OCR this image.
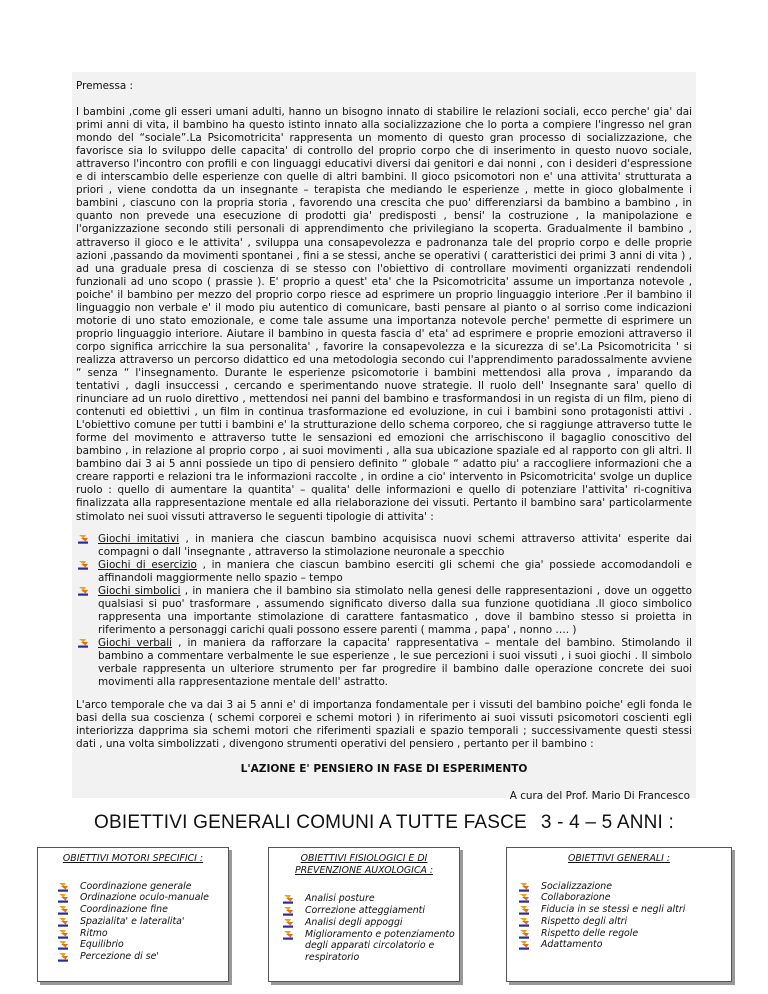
Premessa :

I bambini ,come gli esseri umani adulti, hanno un bisogno innato di stabilire le relazioni sociali, ecco perche' gia' dai primi anni di vita, il bambino ha questo istinto innato alla socializzazione che lo porta a compiere l'ingresso nel gran mondo del “sociale”.La Psicomotricita' rappresenta un momento di questo gran processo di socializzazione, che favorisce sia lo sviluppo delle capacita' di controllo del proprio corpo che di inserimento in questo nuovo sociale, attraverso l'incontro con profili e con linguaggi educativi diversi dai genitori e dai nonni , con i desideri d'espressione e di interscambio delle esperienze con quelle di altri bambini. Il gioco psicomotori non e' una attivita' strutturata a priori , viene condotta da un insegnante – terapista che mediando le esperienze , mette in gioco globalmente i bambini , ciascuno con la propria storia , favorendo una crescita che puo' differenziarsi da bambino a bambino , in quanto non prevede una esecuzione di prodotti gia' predisposti , bensi' la costruzione , la manipolazione e l'organizzazione secondo stili personali di apprendimento che privilegiano la scoperta. Gradualmente il bambino , attraverso il gioco e le attivita' , sviluppa una consapevolezza e padronanza tale del proprio corpo e delle proprie azioni ,passando da movimenti spontanei , fini a se stessi, anche se operativi ( caratteristici dei primi 3 anni di vita ) , ad una graduale presa di coscienza di se stesso con l'obiettivo di controllare movimenti organizzati rendendoli funzionali ad uno scopo ( prassie ). E' proprio a quest' eta' che la Psicomotricita' assume un importanza notevole , poiche' il bambino per mezzo del proprio corpo riesce ad esprimere un proprio linguaggio interiore .Per il bambino il linguaggio non verbale e' il modo piu autentico di comunicare, basti pensare al pianto o al sorriso come indicazioni motorie di uno stato emozionale, e come tale assume una importanza notevole perche' permette di esprimere un proprio linguaggio interiore. Aiutare il bambino in questa fascia d' eta' ad esprimere e proprie emozioni attraverso il corpo significa arricchire la sua personalita' , favorire la consapevolezza e la sicurezza di se'.La Psicomotricita ' si realizza attraverso un percorso didattico ed una metodologia secondo cui l'apprendimento paradossalmente avviene “ senza “ l'insegnamento. Durante le esperienze psicomotorie i bambini mettendosi alla prova , imparando da tentativi , dagli insuccessi , cercando e sperimentando nuove strategie. Il ruolo dell' Insegnante sara' quello di rinunciare ad un ruolo direttivo , mettendosi nei panni del bambino e trasformandosi in un regista di un film, pieno di contenuti ed obiettivi , un film in continua trasformazione ed evoluzione, in cui i bambini sono protagonisti attivi . L'obiettivo comune per tutti i bambini e' la strutturazione dello schema corporeo, che si raggiunge attraverso tutte le forme del movimento e attraverso tutte le sensazioni ed emozioni che arrischiscono il bagaglio conoscitivo del bambino , in relazione al proprio corpo , ai suoi movimenti , alla sua ubicazione spaziale ed al rapporto con gli altri. Il bambino dai 3 ai 5 anni possiede un tipo di pensiero definito “ globale “ adatto piu' a raccogliere informazioni che a creare rapporti e relazioni tra le informazioni raccolte , in ordine a cio' intervento in Psicomotricita' svolge un duplice ruolo : quello di aumentare la quantita' – qualita' delle informazioni e quello di potenziare l'attivita' ri-cognitiva finalizzata alla rappresentazione mentale ed alla rielaborazione dei vissuti. Pertanto il bambino sara' particolarmente stimolato nei suoi vissuti attraverso le seguenti tipologie di attivita' :

Giochi imitativi , in maniera che ciascun bambino acquisisca nuovi schemi attraverso attivita' esperite dai compagni o dall 'insegnante , attraverso la stimolazione neuronale a specchio
Giochi di esercizio , in maniera che ciascun bambino eserciti gli schemi che gia' possiede accomodandoli e affinandoli maggiormente nello spazio – tempo
Giochi simbolici , in maniera che il bambino sia stimolato nella genesi delle rappresentazioni , dove un oggetto qualsiasi si puo' trasformare , assumendo significato diverso dalla sua funzione quotidiana .Il gioco simbolico rappresenta una importante stimolazione di carattere fantasmatico , dove il bambino stesso si proietta in riferimento a personaggi carichi quali possono essere parenti ( mamma , papa' , nonno …. )
Giochi verbali , in maniera da rafforzare la capacita' rappresentativa – mentale del bambino. Stimolando il bambino a commentare verbalmente le sue esperienze , le sue percezioni i suoi vissuti , i suoi giochi . Il simbolo verbale rappresenta un ulteriore strumento per far progredire il bambino dalle operazione concrete dei suoi movimenti alla rappresentazione mentale dell' astratto.

L'arco temporale che va dai 3 ai 5 anni e' di importanza fondamentale per i vissuti del bambino poiche' egli fonda le basi della sua coscienza ( schemi corporei e schemi motori ) in riferimento ai suoi vissuti psicomotori coscienti egli interiorizza dapprima sia schemi motori che riferimenti spaziali e spazio temporali ; successivamente questi stessi dati , una volta simbolizzati , divengono strumenti operativi del pensiero , pertanto per il bambino :

L'AZIONE E' PENSIERO IN FASE DI ESPERIMENTO

A cura del Prof. Mario Di Francesco

OBIETTIVI GENERALI COMUNI A TUTTE FASCE 3 - 4 – 5 ANNI :
OBIETTIVI MOTORI SPECIFICI :
Coordinazione generale
Ordinazione oculo-manuale
Coordinazione fine
Spazialita' e lateralita'
Ritmo
Equilibrio
Percezione di se'
OBIETTIVI FISIOLOGICI E DI PREVENZIONE AUXOLOGICA :
Analisi posture
Correzione atteggiamenti
Analisi degli appoggi
Miglioramento e potenziamento degli apparati circolatorio e respiratorio
OBIETTIVI GENERALI :
Socializzazione
Collaborazione
Fiducia in se stessi e negli altri
Rispetto degli altri
Rispetto delle regole
Adattamento
